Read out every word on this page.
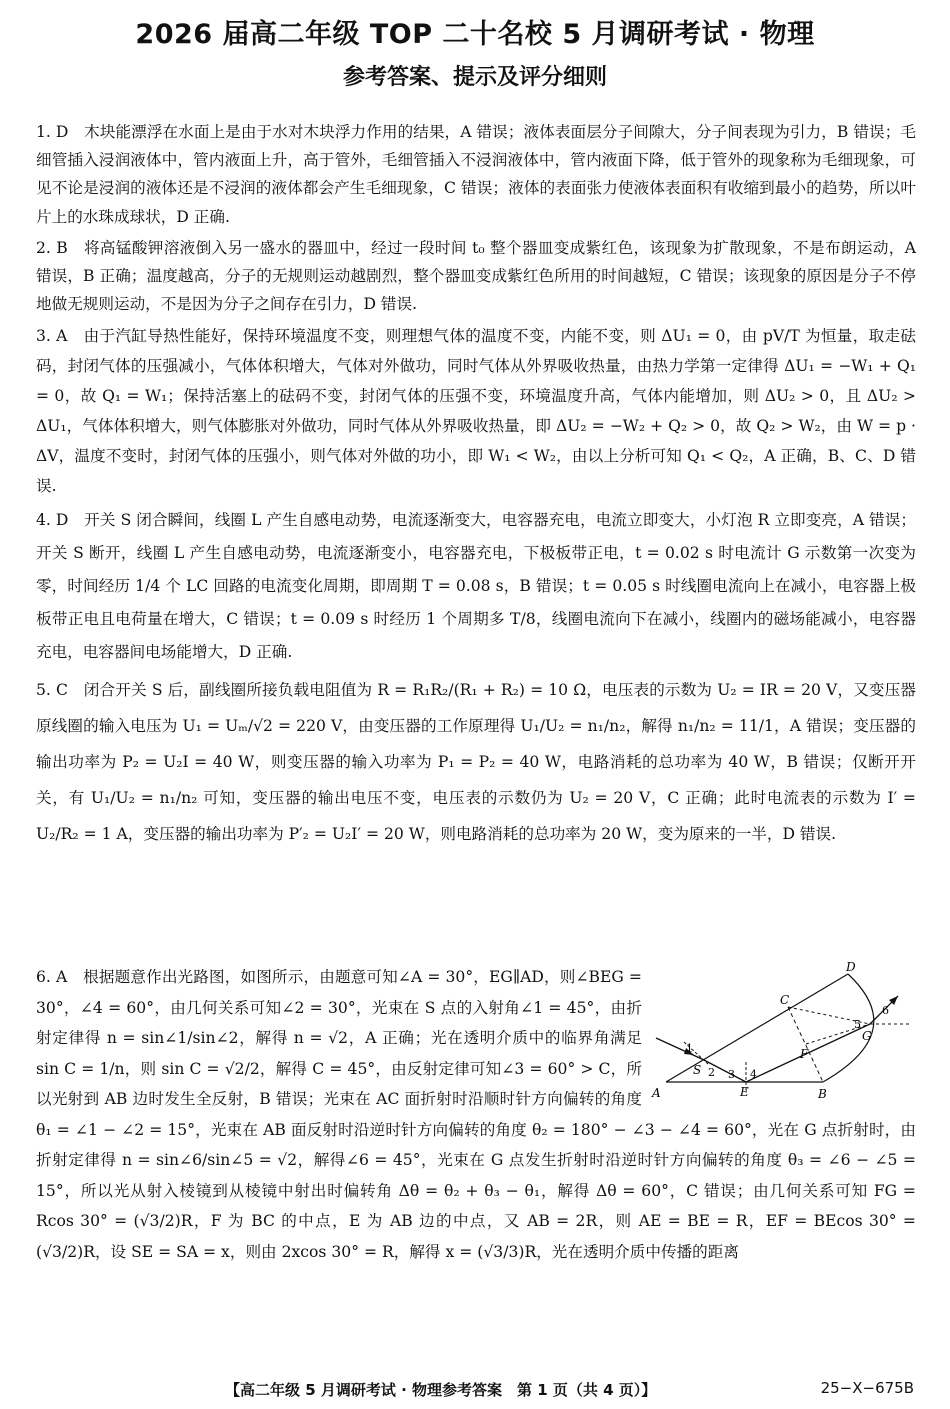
2026 届高二年级 TOP 二十名校 5 月调研考试 · 物理
参考答案、提示及评分细则

1. D　木块能漂浮在水面上是由于水对木块浮力作用的结果，A 错误；液体表面层分子间隙大，分子间表现为引力，B 错误；毛细管插入浸润液体中，管内液面上升，高于管外，毛细管插入不浸润液体中，管内液面下降，低于管外的现象称为毛细现象，可见不论是浸润的液体还是不浸润的液体都会产生毛细现象，C 错误；液体的表面张力使液体表面积有收缩到最小的趋势，所以叶片上的水珠成球状，D 正确.

2. B　将高锰酸钾溶液倒入另一盛水的器皿中，经过一段时间 t₀ 整个器皿变成紫红色，该现象为扩散现象，不是布朗运动，A 错误，B 正确；温度越高，分子的无规则运动越剧烈，整个器皿变成紫红色所用的时间越短，C 错误；该现象的原因是分子不停地做无规则运动，不是因为分子之间存在引力，D 错误.

3. A　由于汽缸导热性能好，保持环境温度不变，则理想气体的温度不变，内能不变，则 ΔU₁ = 0，由 pV/T 为恒量，取走砝码，封闭气体的压强减小，气体体积增大，气体对外做功，同时气体从外界吸收热量，由热力学第一定律得 ΔU₁ = −W₁ + Q₁ = 0，故 Q₁ = W₁；保持活塞上的砝码不变，封闭气体的压强不变，环境温度升高，气体内能增加，则 ΔU₂ > 0，且 ΔU₂ > ΔU₁，气体体积增大，则气体膨胀对外做功，同时气体从外界吸收热量，即 ΔU₂ = −W₂ + Q₂ > 0，故 Q₂ > W₂，由 W = p · ΔV，温度不变时，封闭气体的压强小，则气体对外做的功小，即 W₁ < W₂，由以上分析可知 Q₁ < Q₂，A 正确，B、C、D 错误.

4. D　开关 S 闭合瞬间，线圈 L 产生自感电动势，电流逐渐变大，电容器充电，电流立即变大，小灯泡 R 立即变亮，A 错误；开关 S 断开，线圈 L 产生自感电动势，电流逐渐变小，电容器充电，下极板带正电，t = 0.02 s 时电流计 G 示数第一次变为零，时间经历 1/4 个 LC 回路的电流变化周期，即周期 T = 0.08 s，B 错误；t = 0.05 s 时线圈电流向上在减小，电容器上极板带正电且电荷量在增大，C 错误；t = 0.09 s 时经历 1 个周期多 T/8，线圈电流向下在减小，线圈内的磁场能减小，电容器充电，电容器间电场能增大，D 正确.

5. C　闭合开关 S 后，副线圈所接负载电阻值为 R = R₁R₂/(R₁ + R₂) = 10 Ω，电压表的示数为 U₂ = IR = 20 V，又变压器原线圈的输入电压为 U₁ = Uₘ/√2 = 220 V，由变压器的工作原理得 U₁/U₂ = n₁/n₂，解得 n₁/n₂ = 11/1，A 错误；变压器的输出功率为 P₂ = U₂I = 40 W，则变压器的输入功率为 P₁ = P₂ = 40 W，电路消耗的总功率为 40 W，B 错误；仅断开开关，有 U₁/U₂ = n₁/n₂ 可知，变压器的输出电压不变，电压表的示数仍为 U₂ = 20 V，C 正确；此时电流表的示数为 I′ = U₂/R₂ = 1 A，变压器的输出功率为 P′₂ = U₂I′ = 20 W，则电路消耗的总功率为 20 W，变为原来的一半，D 错误.

A	B
C
D
E
F
G
S
1
2 3 4
5
6
6. A　根据题意作出光路图，如图所示，由题意可知∠A = 30°，EG∥AD，则∠BEG = 30°，∠4 = 60°，由几何关系可知∠2 = 30°，光束在 S 点的入射角∠1 = 45°，由折射定律得 n = sin∠1/sin∠2，解得 n = √2，A 正确；光在透明介质中的临界角满足 sin C = 1/n，则 sin C = √2/2，解得 C = 45°，由反射定律可知∠3 = 60° > C，所以光射到 AB 边时发生全反射，B 错误；光束在 AC 面折射时沿顺时针方向偏转的角度 θ₁ = ∠1 − ∠2 = 15°，光束在 AB 面反射时沿逆时针方向偏转的角度 θ₂ = 180° − ∠3 − ∠4 = 60°，光在 G 点折射时，由折射定律得 n = sin∠6/sin∠5 = √2，解得∠6 = 45°，光束在 G 点发生折射时沿逆时针方向偏转的角度 θ₃ = ∠6 − ∠5 = 15°，所以光从射入棱镜到从棱镜中射出时偏转角 Δθ = θ₂ + θ₃ − θ₁，解得 Δθ = 60°，C 错误；由几何关系可知 FG = Rcos 30° = (√3/2)R，F 为 BC 的中点，E 为 AB 边的中点，又 AB = 2R，则 AE = BE = R，EF = BEcos 30° = (√3/2)R，设 SE = SA = x，则由 2xcos 30° = R，解得 x = (√3/3)R，光在透明介质中传播的距离
【高二年级 5 月调研考试 · 物理参考答案　第 1 页（共 4 页）】	25−X−675B
